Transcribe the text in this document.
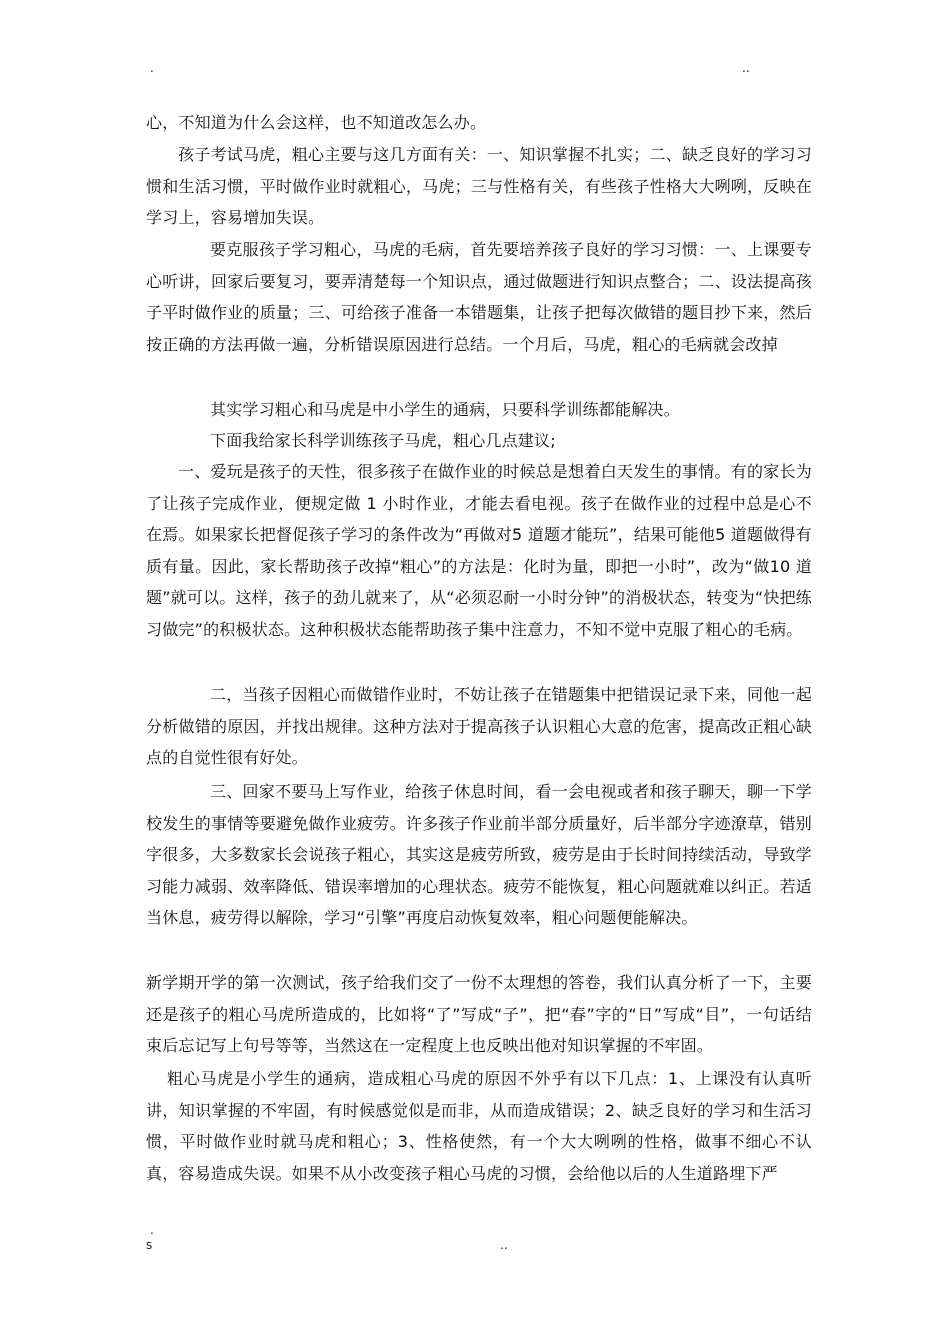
.	..

心，不知道为什么会这样，也不知道改怎么办。

孩子考试马虎，粗心主要与这几方面有关：一、知识掌握不扎实；二、缺乏良好的学习习惯和生活习惯，平时做作业时就粗心，马虎；三与性格有关，有些孩子性格大大咧咧，反映在学习上，容易增加失误。

要克服孩子学习粗心，马虎的毛病，首先要培养孩子良好的学习习惯：一、上课要专心听讲，回家后要复习，要弄清楚每一个知识点，通过做题进行知识点整合；二、设法提高孩子平时做作业的质量；三、可给孩子准备一本错题集，让孩子把每次做错的题目抄下来，然后按正确的方法再做一遍，分析错误原因进行总结。一个月后，马虎，粗心的毛病就会改掉

其实学习粗心和马虎是中小学生的通病，只要科学训练都能解决。

下面我给家长科学训练孩子马虎，粗心几点建议;

一、爱玩是孩子的天性，很多孩子在做作业的时候总是想着白天发生的事情。有的家长为了让孩子完成作业，便规定做 1 小时作业，才能去看电视。孩子在做作业的过程中总是心不在焉。如果家长把督促孩子学习的条件改为“再做对5 道题才能玩”，结果可能他5 道题做得有质有量。因此，家长帮助孩子改掉“粗心”的方法是：化时为量，即把一小时”，改为“做10 道题”就可以。这样，孩子的劲儿就来了，从“必须忍耐一小时分钟”的消极状态，转变为“快把练习做完”的积极状态。这种积极状态能帮助孩子集中注意力，不知不觉中克服了粗心的毛病。

二，当孩子因粗心而做错作业时，不妨让孩子在错题集中把错误记录下来，同他一起分析做错的原因，并找出规律。这种方法对于提高孩子认识粗心大意的危害，提高改正粗心缺点的自觉性很有好处。

三、回家不要马上写作业，给孩子休息时间，看一会电视或者和孩子聊天，聊一下学校发生的事情等要避免做作业疲劳。许多孩子作业前半部分质量好，后半部分字迹潦草，错别字很多，大多数家长会说孩子粗心，其实这是疲劳所致，疲劳是由于长时间持续活动，导致学习能力减弱、效率降低、错误率增加的心理状态。疲劳不能恢复，粗心问题就难以纠正。若适当休息，疲劳得以解除，学习“引擎”再度启动恢复效率，粗心问题便能解决。

新学期开学的第一次测试，孩子给我们交了一份不太理想的答卷，我们认真分析了一下，主要还是孩子的粗心马虎所造成的，比如将“了”写成“子”，把“春”字的“日”写成“目”，一句话结束后忘记写上句号等等，当然这在一定程度上也反映出他对知识掌握的不牢固。

粗心马虎是小学生的通病，造成粗心马虎的原因不外乎有以下几点：1、上课没有认真听讲，知识掌握的不牢固，有时候感觉似是而非，从而造成错误；2、缺乏良好的学习和生活习惯，平时做作业时就马虎和粗心；3、性格使然，有一个大大咧咧的性格，做事不细心不认真，容易造成失误。如果不从小改变孩子粗心马虎的习惯，会给他以后的人生道路埋下严

.
s	..
